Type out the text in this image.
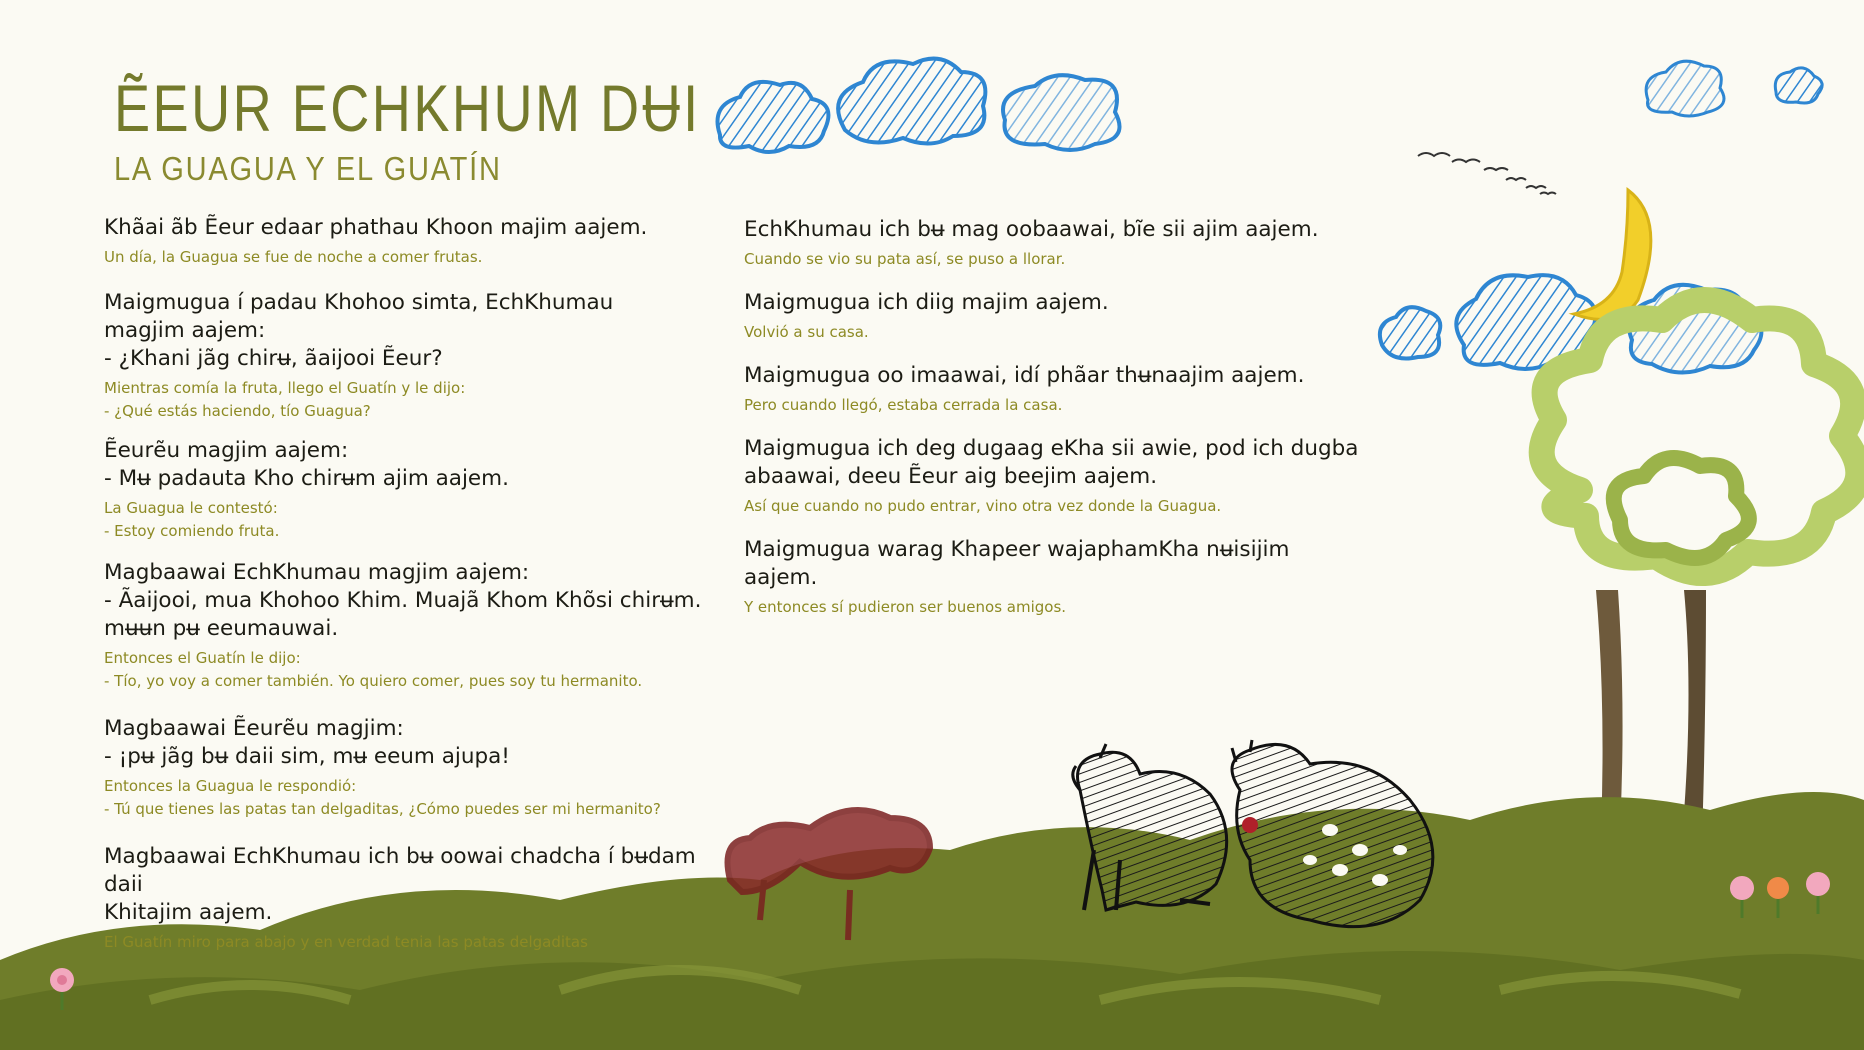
ẼEUR ECHKHUM DɄI
LA GUAGUA Y EL GUATÍN

Khãai ãb Ẽeur edaar phathau Khoon majim aajem.

Un día, la Guagua se fue de noche a comer frutas.

Maigmugua í padau Khohoo simta, EchKhumau
magjim aajem:
- ¿Khani jãg chirʉ, ãaijooi Ẽeur?

Mientras comía la fruta, llego el Guatín y le dijo:
- ¿Qué estás haciendo, tío Guagua?

Ẽeurẽu magjim aajem:
- Mʉ padauta Kho chirʉm ajim aajem.

La Guagua le contestó:
- Estoy comiendo fruta.

Magbaawai EchKhumau magjim aajem:
- Ãaijooi, mua Khohoo Khim. Muajã Khom Khõsi chirʉm.
mʉʉn pʉ eeumauwai.

Entonces el Guatín le dijo:
- Tío, yo voy a comer también. Yo quiero comer, pues soy tu hermanito.

Magbaawai Ẽeurẽu magjim:
- ¡pʉ jãg bʉ daii sim, mʉ eeum ajupa!

Entonces la Guagua le respondió:
- Tú que tienes las patas tan delgaditas, ¿Cómo puedes ser mi hermanito?

Magbaawai EchKhumau ich bʉ oowai chadcha í bʉdam daii
Khitajim aajem.

El Guatín miro para abajo y en verdad tenia las patas delgaditas

EchKhumau ich bʉ mag oobaawai, bĩe sii ajim aajem.

Cuando se vio su pata así, se puso a llorar.

Maigmugua ich diig majim aajem.

Volvió a su casa.

Maigmugua oo imaawai, idí phãar thʉnaajim aajem.

Pero cuando llegó, estaba cerrada la casa.

Maigmugua ich deg dugaag eKha sii awie, pod ich dugba
abaawai, deeu Ẽeur aig beejim aajem.

Así que cuando no pudo entrar, vino otra vez donde la Guagua.

Maigmugua warag Khapeer wajaphamKha nʉisijim aajem.

Y entonces sí pudieron ser buenos amigos.
